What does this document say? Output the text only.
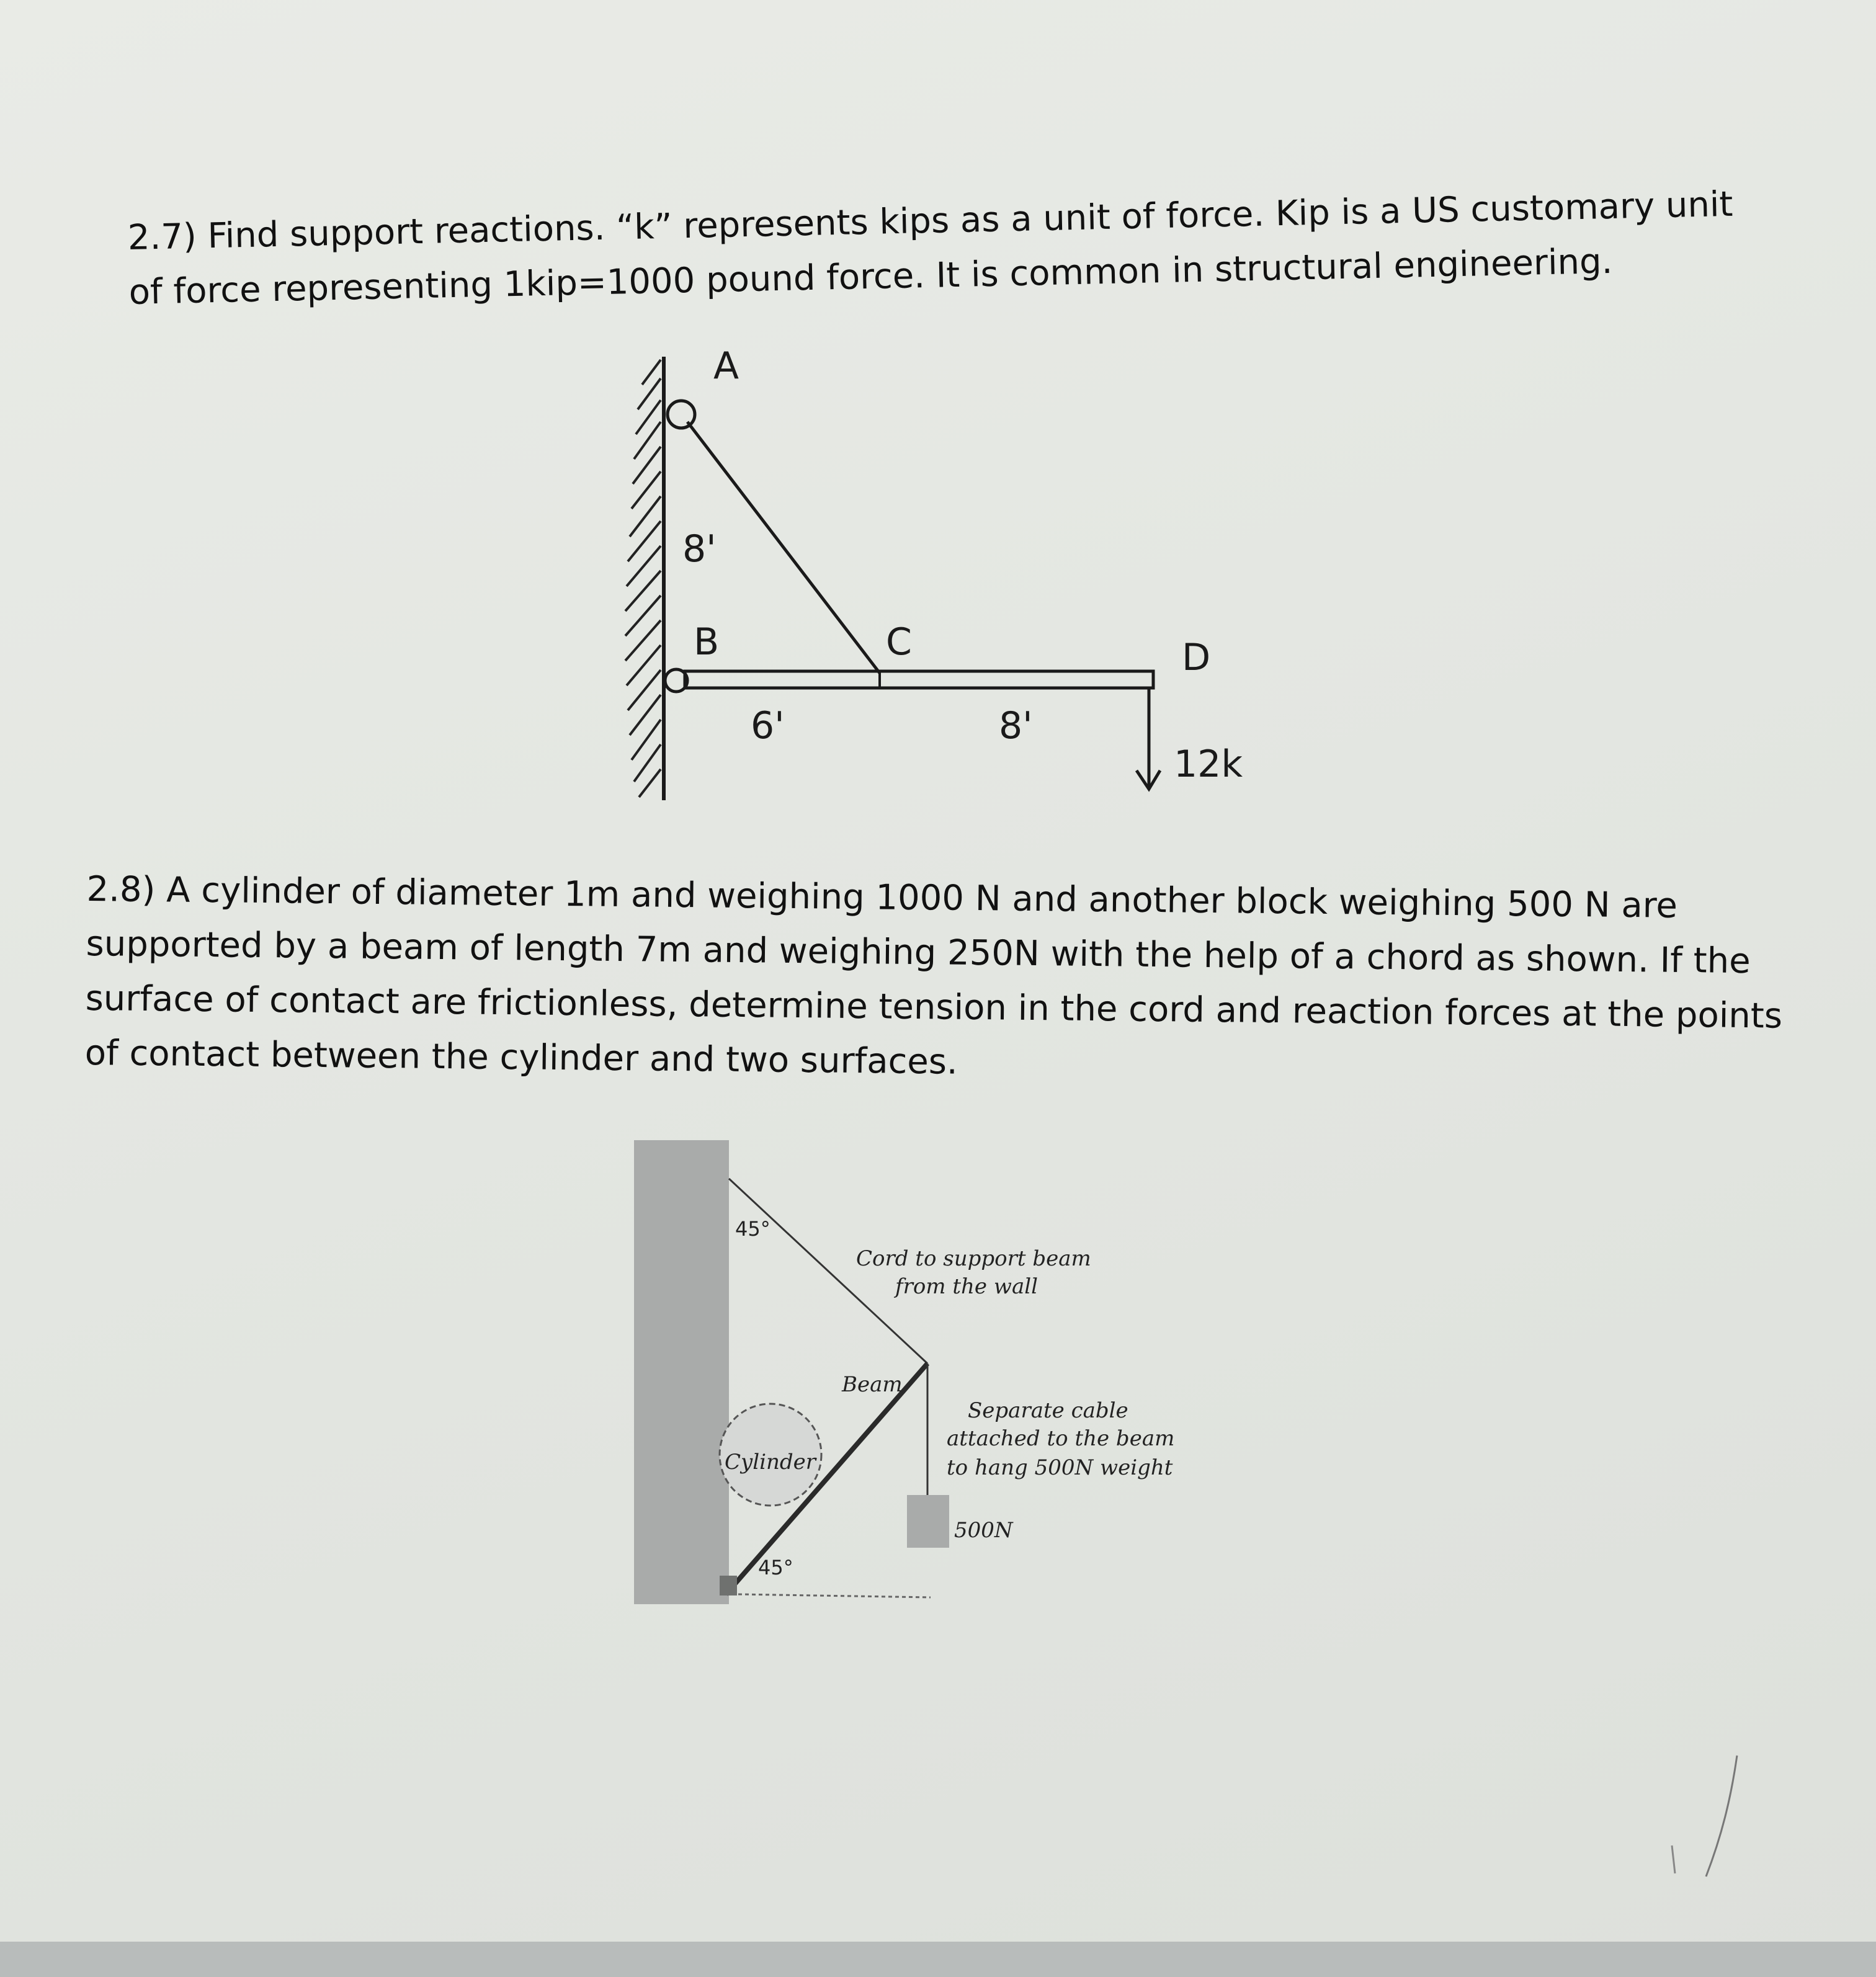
2.7) Find support reactions. “k” represents kips as a unit of force. Kip is a US customary unit of force representing 1kip=1000 pound force. It is common in structural engineering.

A
B	C	D
8'
6'	8'
12k

2.8) A cylinder of diameter 1m and weighing 1000 N and another block weighing 500 N are supported by a beam of length 7m and weighing 250N with the help of a chord as shown. If the surface of contact are frictionless, determine tension in the cord and reaction forces at the points of contact between the cylinder and two surfaces.

45°
45°
Cord to support beam
from the wall
Beam
Cylinder
Separate cable
attached to the beam
to hang 500N weight
500N
